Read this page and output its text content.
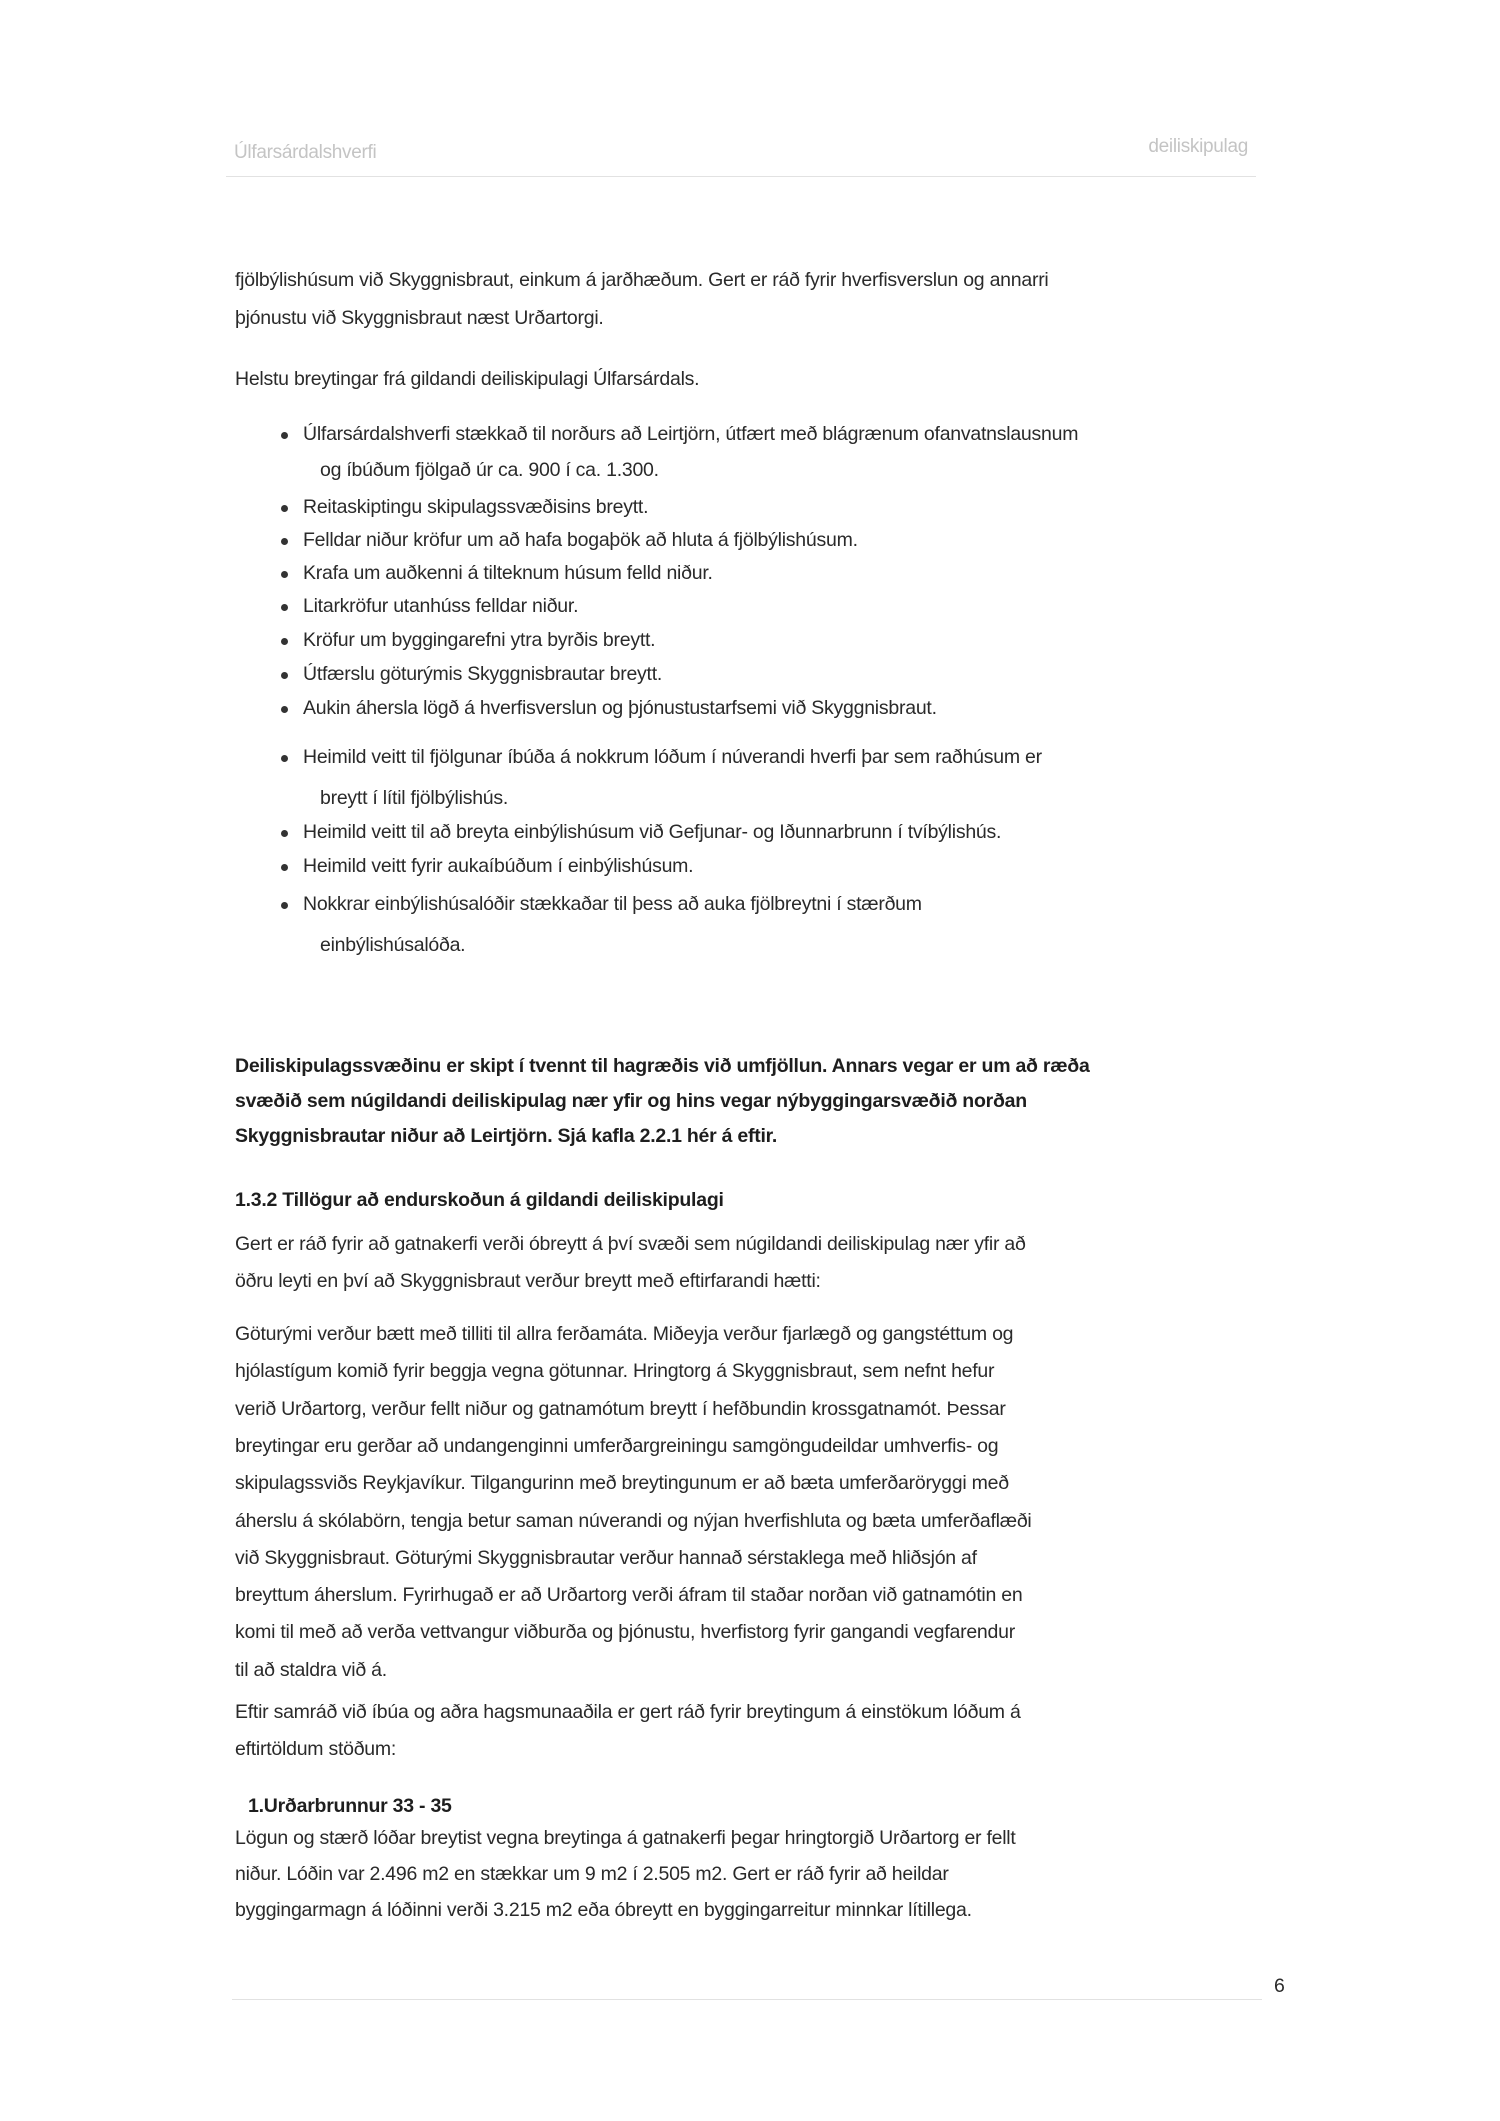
Úlfarsárdalshverfi	deiliskipulag
fjölbýlishúsum við Skyggnisbraut, einkum á jarðhæðum. Gert er ráð fyrir hverfisverslun og annarri
þjónustu við Skyggnisbraut næst Urðartorgi.
Helstu breytingar frá gildandi deiliskipulagi Úlfarsárdals.
Úlfarsárdalshverfi stækkað til norðurs að Leirtjörn, útfært með blágrænum ofanvatnslausnum
og íbúðum fjölgað úr ca. 900 í ca. 1.300.
Reitaskiptingu skipulagssvæðisins breytt.
Felldar niður kröfur um að hafa bogaþök að hluta á fjölbýlishúsum.
Krafa um auðkenni á tilteknum húsum felld niður.
Litarkröfur utanhúss felldar niður.
Kröfur um byggingarefni ytra byrðis breytt.
Útfærslu göturýmis Skyggnisbrautar breytt.
Aukin áhersla lögð á hverfisverslun og þjónustustarfsemi við Skyggnisbraut.
Heimild veitt til fjölgunar íbúða á nokkrum lóðum í núverandi hverfi þar sem raðhúsum er
breytt í lítil fjölbýlishús.
Heimild veitt til að breyta einbýlishúsum við Gefjunar- og Iðunnarbrunn í tvíbýlishús.
Heimild veitt fyrir aukaíbúðum í einbýlishúsum.
Nokkrar einbýlishúsalóðir stækkaðar til þess að auka fjölbreytni í stærðum
einbýlishúsalóða.
Deiliskipulagssvæðinu er skipt í tvennt til hagræðis við umfjöllun. Annars vegar er um að ræða
svæðið sem núgildandi deiliskipulag nær yfir og hins vegar nýbyggingarsvæðið norðan
Skyggnisbrautar niður að Leirtjörn. Sjá kafla 2.2.1 hér á eftir.
1.3.2 Tillögur að endurskoðun á gildandi deiliskipulagi
Gert er ráð fyrir að gatnakerfi verði óbreytt á því svæði sem núgildandi deiliskipulag nær yfir að
öðru leyti en því að Skyggnisbraut verður breytt með eftirfarandi hætti:
Göturými verður bætt með tilliti til allra ferðamáta. Miðeyja verður fjarlægð og gangstéttum og
hjólastígum komið fyrir beggja vegna götunnar. Hringtorg á Skyggnisbraut, sem nefnt hefur
verið Urðartorg, verður fellt niður og gatnamótum breytt í hefðbundin krossgatnamót. Þessar
breytingar eru gerðar að undangenginni umferðargreiningu samgöngudeildar umhverfis- og
skipulagssviðs Reykjavíkur. Tilgangurinn með breytingunum er að bæta umferðaröryggi með
áherslu á skólabörn, tengja betur saman núverandi og nýjan hverfishluta og bæta umferðaflæði
við Skyggnisbraut. Göturými Skyggnisbrautar verður hannað sérstaklega með hliðsjón af
breyttum áherslum. Fyrirhugað er að Urðartorg verði áfram til staðar norðan við gatnamótin en
komi til með að verða vettvangur viðburða og þjónustu, hverfistorg fyrir gangandi vegfarendur
til að staldra við á.
Eftir samráð við íbúa og aðra hagsmunaaðila er gert ráð fyrir breytingum á einstökum lóðum á
eftirtöldum stöðum:
1.Urðarbrunnur 33 - 35
Lögun og stærð lóðar breytist vegna breytinga á gatnakerfi þegar hringtorgið Urðartorg er fellt
niður. Lóðin var 2.496 m2 en stækkar um 9 m2 í 2.505 m2. Gert er ráð fyrir að heildar
byggingarmagn á lóðinni verði 3.215 m2 eða óbreytt en byggingarreitur minnkar lítillega.
6
